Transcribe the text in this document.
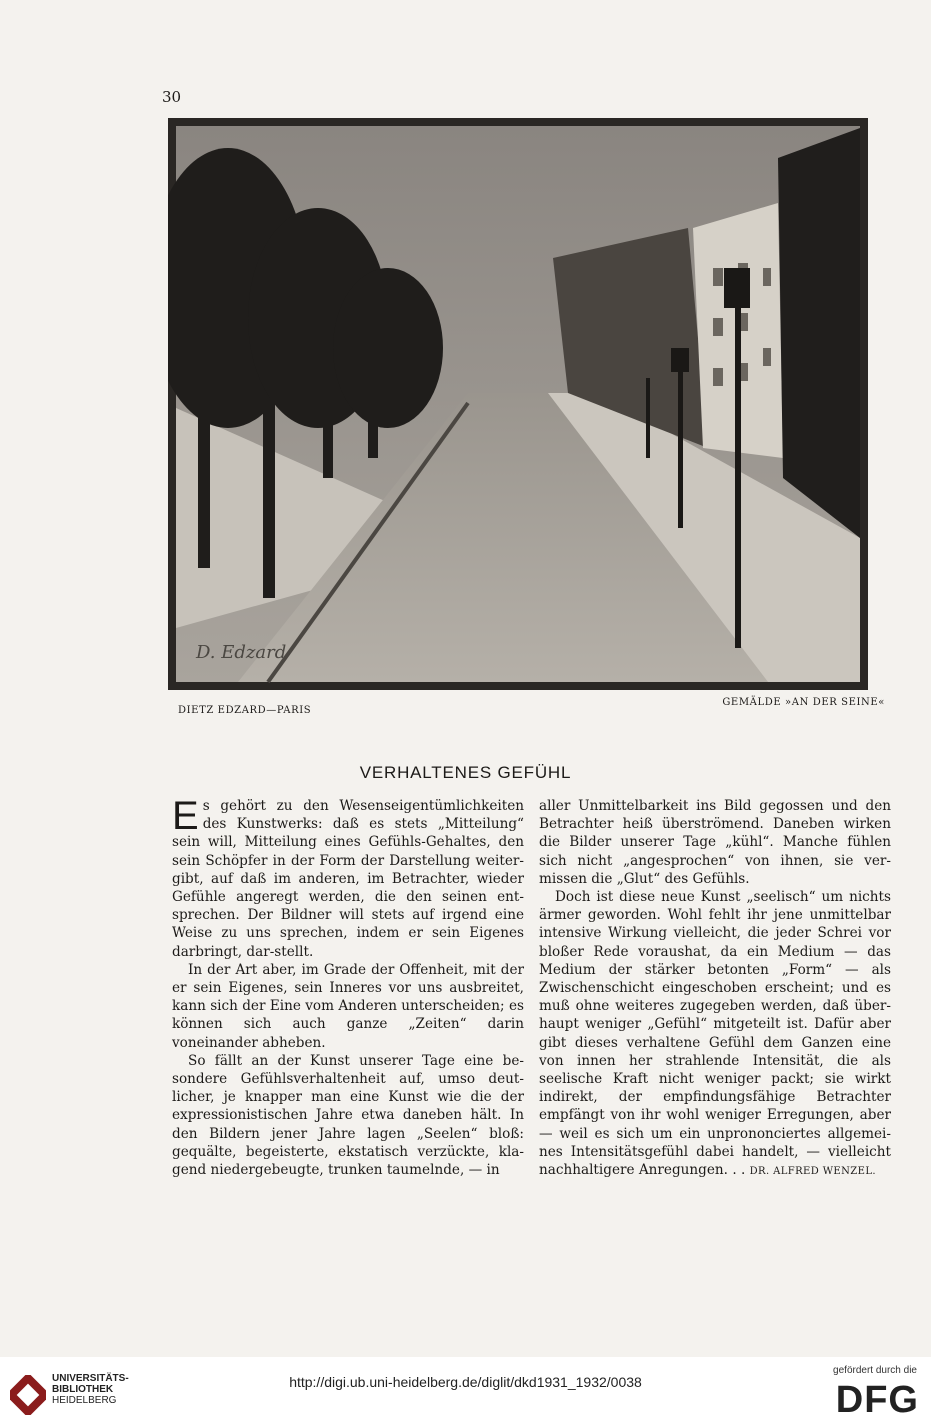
30
D. Edzard
DIETZ EDZARD—PARIS
GEMÄLDE »AN DER SEINE«
VERHALTENES GEFÜHL

Es gehört zu den Wesenseigentümlichkeiten des Kunstwerks: daß es stets „Mitteilung“ sein will, Mitteilung eines Gefühls-Gehaltes, den sein Schöpfer in der Form der Darstellung weitergibt, auf daß im anderen, im Betrachter, wieder Gefühle angeregt werden, die den seinen entsprechen. Der Bildner will stets auf irgend eine Weise zu uns sprechen, indem er sein Eigenes darbringt, dar-stellt.

In der Art aber, im Grade der Offenheit, mit der er sein Eigenes, sein Inneres vor uns ausbreitet, kann sich der Eine vom Anderen unterscheiden; es können sich auch ganze „Zeiten“ darin voneinander abheben.

So fällt an der Kunst unserer Tage eine besondere Gefühlsverhaltenheit auf, umso deutlicher, je knapper man eine Kunst wie die der expressionistischen Jahre etwa daneben hält. In den Bildern jener Jahre lagen „Seelen“ bloß: gequälte, begeisterte, ekstatisch verzückte, klagend niedergebeugte, trunken taumelnde, — in

aller Unmittelbarkeit ins Bild gegossen und den Betrachter heiß überströmend. Daneben wirken die Bilder unserer Tage „kühl“. Manche fühlen sich nicht „angesprochen“ von ihnen, sie vermissen die „Glut“ des Gefühls.

Doch ist diese neue Kunst „seelisch“ um nichts ärmer geworden. Wohl fehlt ihr jene unmittelbar intensive Wirkung vielleicht, die jeder Schrei vor bloßer Rede voraushat, da ein Medium — das Medium der stärker betonten „Form“ — als Zwischenschicht eingeschoben erscheint; und es muß ohne weiteres zugegeben werden, daß überhaupt weniger „Gefühl“ mitgeteilt ist. Dafür aber gibt dieses verhaltene Gefühl dem Ganzen eine von innen her strahlende Intensität, die als seelische Kraft nicht weniger packt; sie wirkt indirekt, der empfindungsfähige Betrachter empfängt von ihr wohl weniger Erregungen, aber — weil es sich um ein unprononciertes allgemeines Intensitätsgefühl dabei handelt, — vielleicht nachhaltigere Anregungen. . . DR. ALFRED WENZEL.

UNIVERSITÄTS-
BIBLIOTHEK
HEIDELBERG
http://digi.ub.uni-heidelberg.de/diglit/dkd1931_1932/0038
gefördert durch die
DFG
